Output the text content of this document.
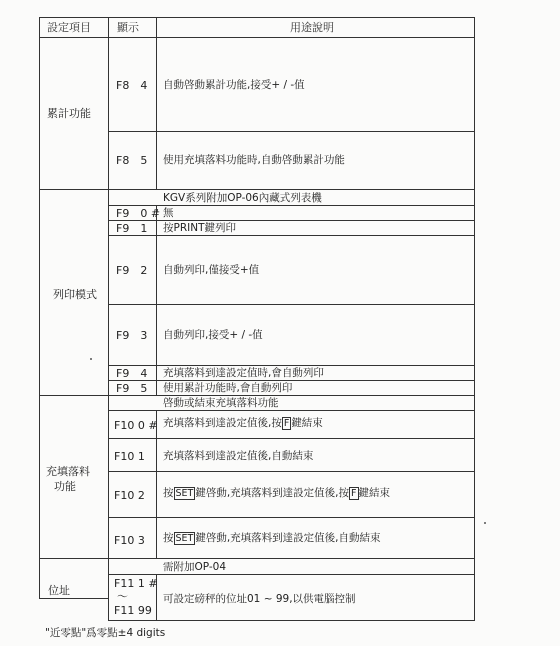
設定項目 顯示	用途說明
累計功能
F8　4 自動啓動累計功能,接受+ / -值
F8　5 使用充填落料功能時,自動啓動累計功能
KGV系列附加OP-06內藏式列表機
列印模式
F9　0 # 無
F9　1 按PRINT鍵列印
F9　2 自動列印,僅接受+值
F9　3 自動列印,接受+ / -值
F9　4 充填落料到達設定值時,會自動列印
F9　5 使用累計功能時,會自動列印
啓動或結束充填落料功能
充填落料
功能
F10 0 # 充填落料到達設定值後,按 F 鍵結束
F10 1 充填落料到達設定值後,自動結束
F10 2 按 SET 鍵啓動,充填落料到達設定值後,按 F 鍵結束
F10 3 按 SET 鍵啓動,充填落料到達設定值後,自動結束
需附加OP-04
位址
F11 1 #
～
F11 99
可設定磅秤的位址01 ~ 99,以供電腦控制
"近零點"爲零點±4 digits
